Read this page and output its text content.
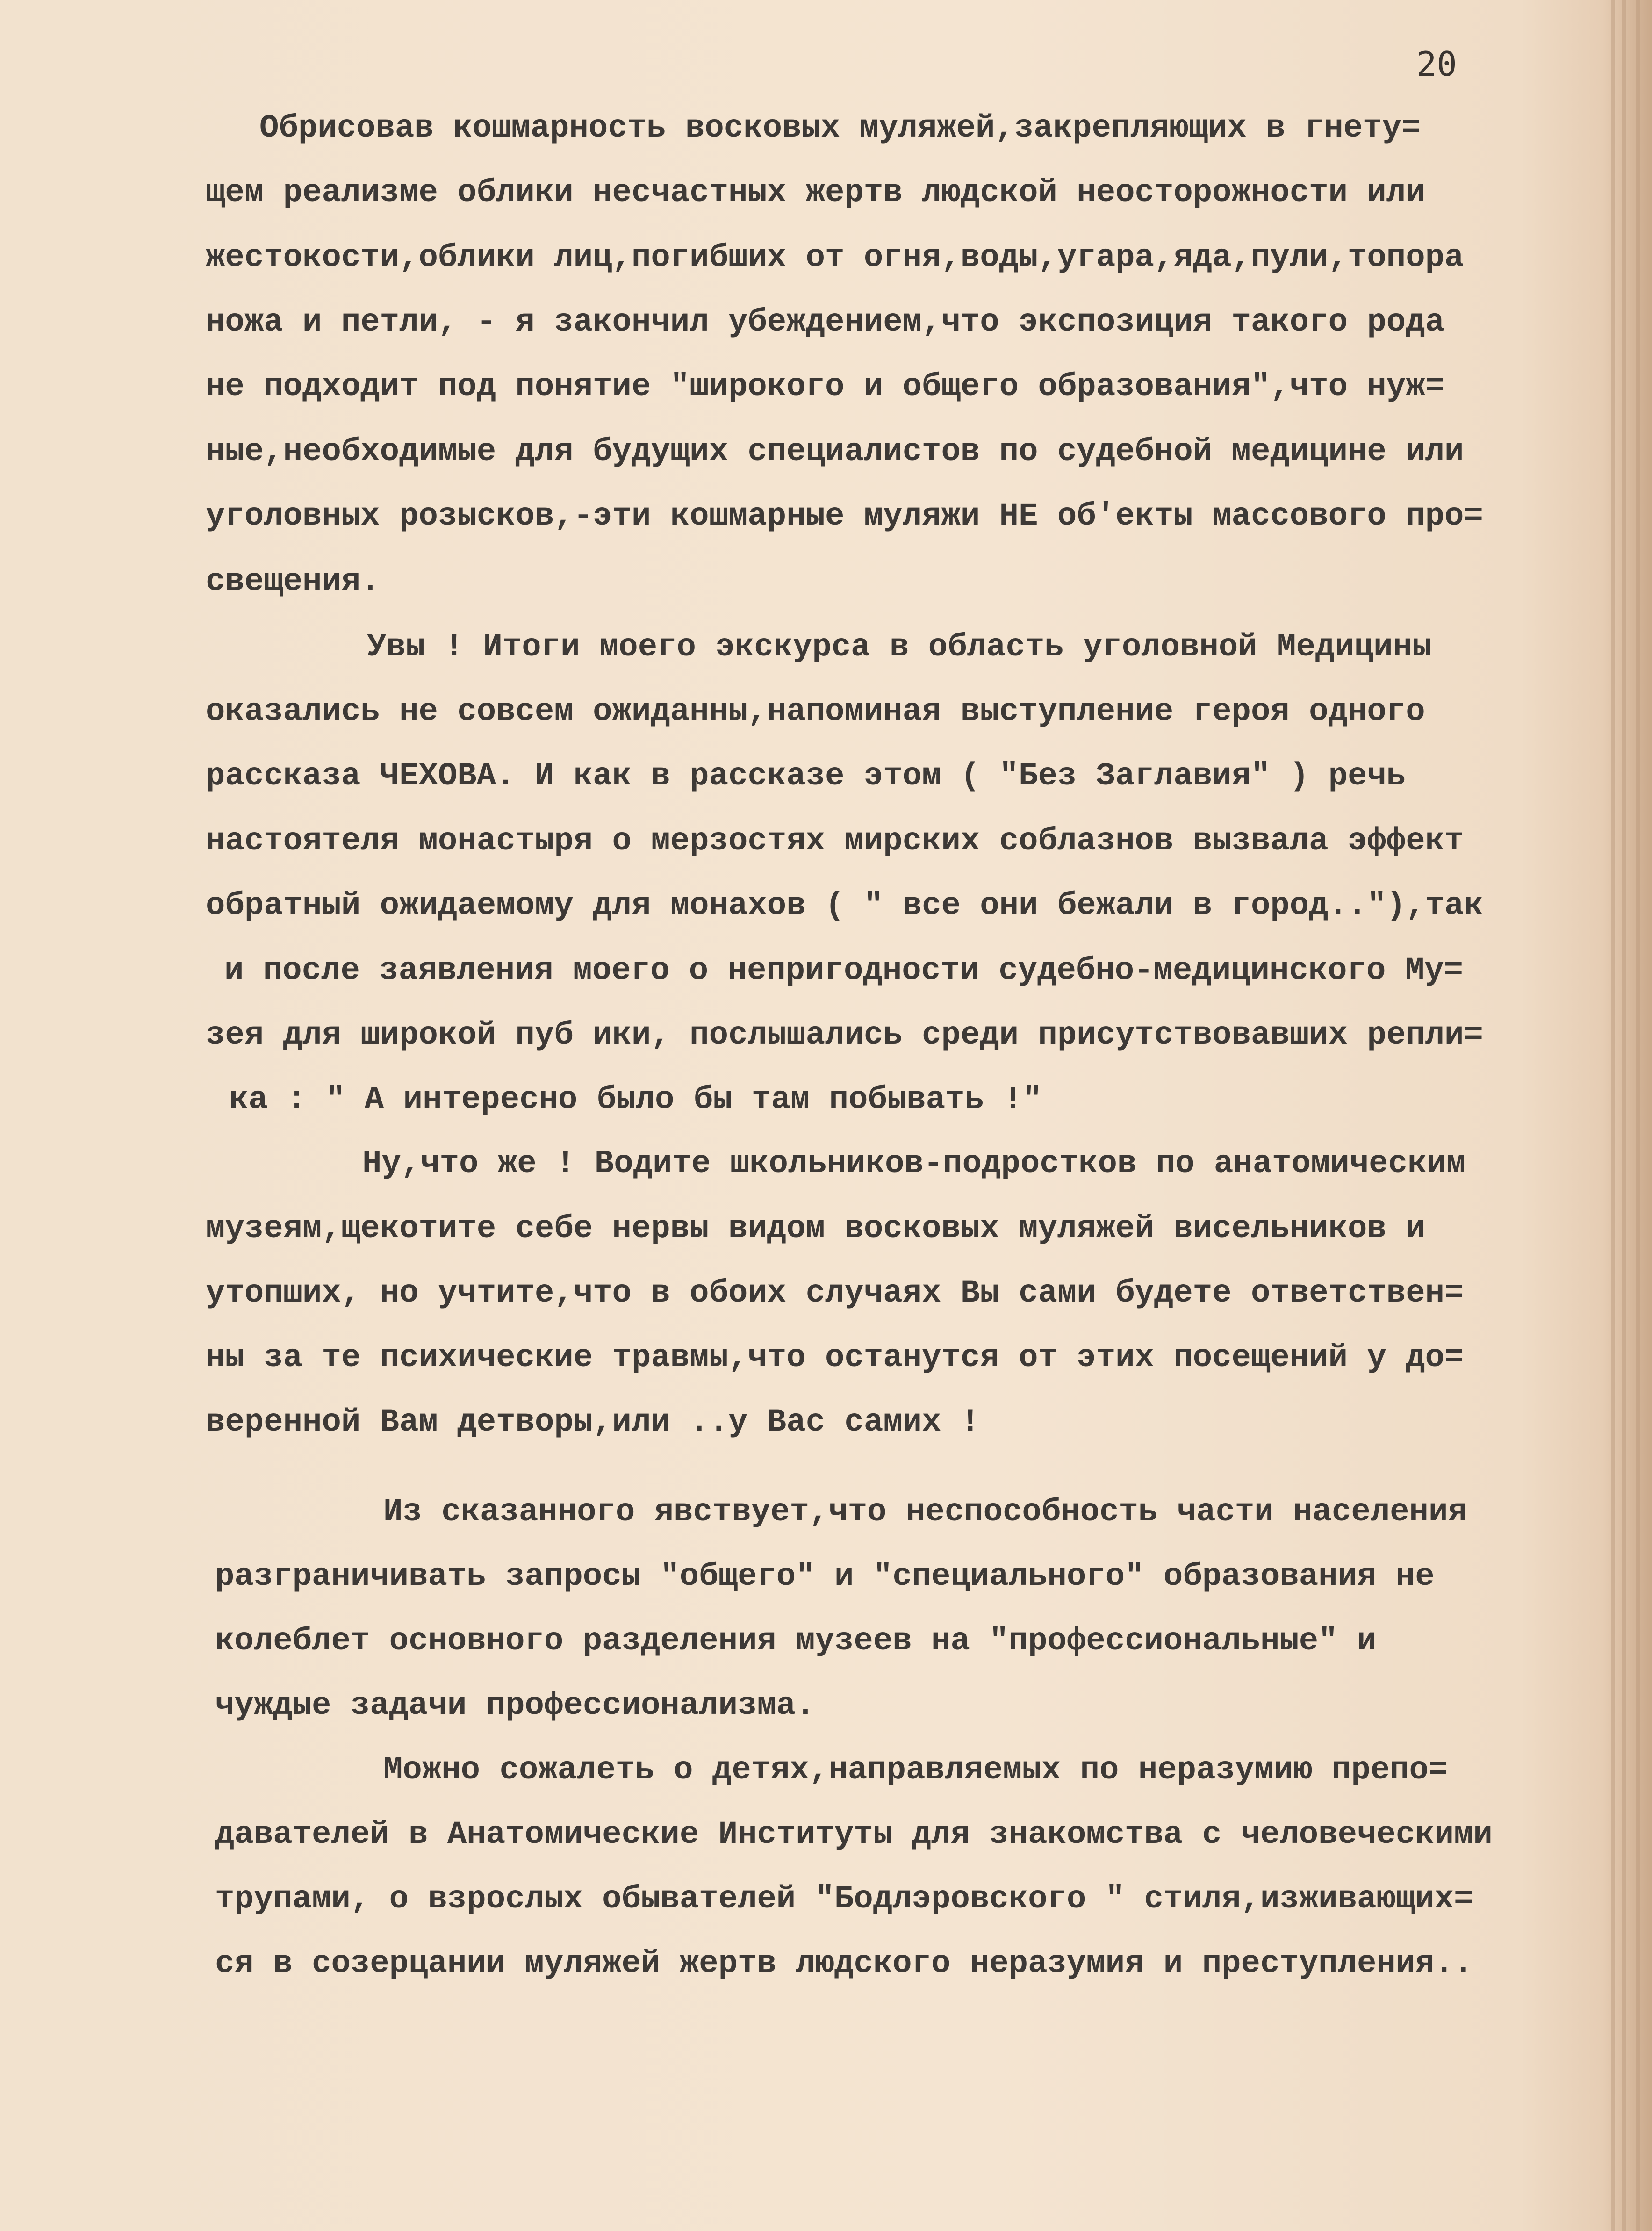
20
Обрисовав кошмарность восковых муляжей,закрепляющих в гнету=
щем реализме облики несчастных жертв людской неосторожности или
жестокости,облики лиц,погибших от огня,воды,угара,яда,пули,топора
ножа и петли, - я закончил убеждением,что экспозиция такого рода
не подходит под понятие "широкого и общего образования",что нуж=
ные,необходимые для будущих специалистов по судебной медицине или
уголовных розысков,-эти кошмарные муляжи НЕ об'екты массового про=
свещения.
Увы ! Итоги моего экскурса в область уголовной Медицины
оказались не совсем ожиданны,напоминая выступление героя одного
рассказа ЧЕХОВА. И как в рассказе этом ( "Без Заглавия" ) речь
настоятеля монастыря о мерзостях мирских соблазнов вызвала эффект
обратный ожидаемому для монахов ( " все они бежали в город.."),так
и после заявления моего о непригодности судебно-медицинского Му=
зея для широкой пуб ики, послышались среди присутствовавших репли=
ка : " А интересно было бы там побывать !"
Ну,что же ! Водите школьников-подростков по анатомическим
музеям,щекотите себе нервы видом восковых муляжей висельников и
утопших, но учтите,что в обоих случаях Вы сами будете ответствен=
ны за те психические травмы,что останутся от этих посещений у до=
веренной Вам детворы,или ..у Вас самих !
Из сказанного явствует,что неспособность части населения
разграничивать запросы "общего" и "специального" образования не
колеблет основного разделения музеев на "профессиональные" и
чуждые задачи профессионализма.
Можно сожалеть о детях,направляемых по неразумию препо=
давателей в Анатомические Институты для знакомства с человеческими
трупами, о взрослых обывателей "Бодлэровского " стиля,изживающих=
ся в созерцании муляжей жертв людского неразумия и преступления..
